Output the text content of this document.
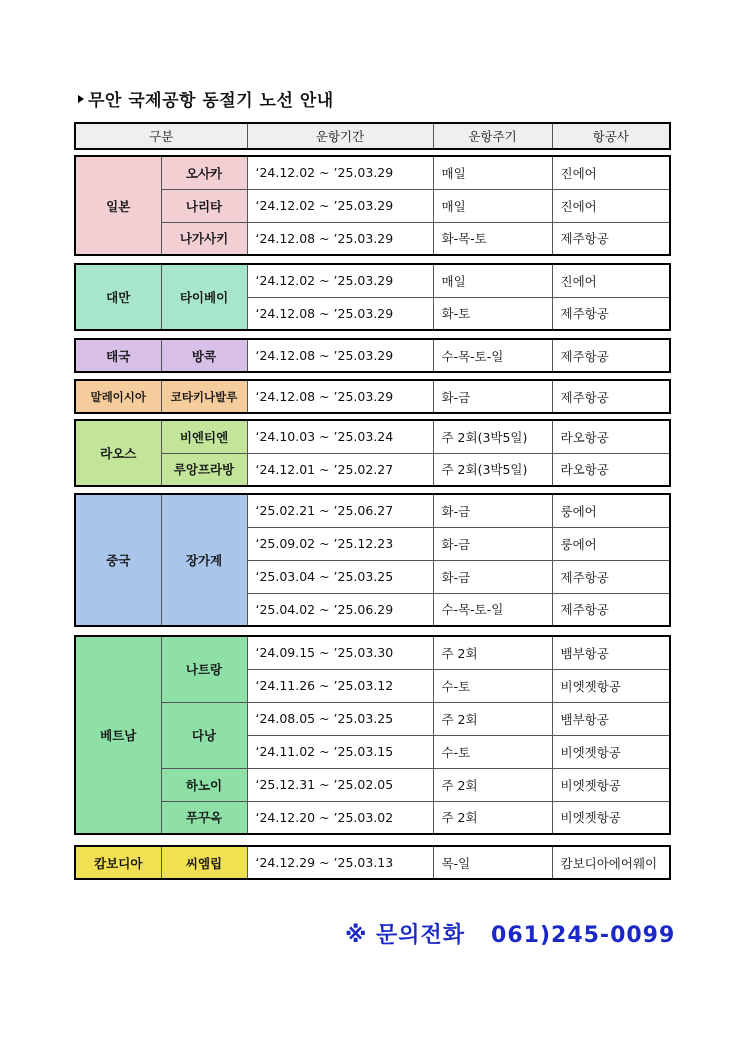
무안 국제공항 동절기 노선 안내
구분	운항기간	운항주기	항공사
일본	오사카	‘24.12.02 ~ ’25.03.29	매일	진에어
	나리타	‘24.12.02 ~ ’25.03.29	매일	진에어
	나가사키	‘24.12.08 ~ ’25.03.29	화-목-토	제주항공
대만	타이베이	‘24.12.02 ~ ’25.03.29	매일	진에어
		‘24.12.08 ~ ’25.03.29	화-토	제주항공
태국	방콕	‘24.12.08 ~ ’25.03.29	수-목-토-일	제주항공
말레이시아	코타키나발루	‘24.12.08 ~ ’25.03.29	화-금	제주항공
라오스	비엔티엔	‘24.10.03 ~ ’25.03.24	주 2회(3박5일)	라오항공
	루앙프라방	‘24.12.01 ~ ’25.02.27	주 2회(3박5일)	라오항공
중국	장가계	‘25.02.21 ~ ’25.06.27	화-금	룽에어
		‘25.09.02 ~ ’25.12.23	화-금	룽에어
		‘25.03.04 ~ ’25.03.25	화-금	제주항공
		‘25.04.02 ~ ’25.06.29	수-목-토-일	제주항공
베트남	나트랑	‘24.09.15 ~ ’25.03.30	주 2회	뱀부항공
		‘24.11.26 ~ ’25.03.12	수-토	비엣젯항공
	다낭	‘24.08.05 ~ ’25.03.25	주 2회	뱀부항공
		‘24.11.02 ~ ’25.03.15	수-토	비엣젯항공
	하노이	‘25.12.31 ~ ’25.02.05	주 2회	비엣젯항공
	푸꾸옥	‘24.12.20 ~ ’25.03.02	주 2회	비엣젯항공
캄보디아	씨엠립	‘24.12.29 ~ ’25.03.13	목-일	캄보디아에어웨이
※ 문의전화   061)245-0099
